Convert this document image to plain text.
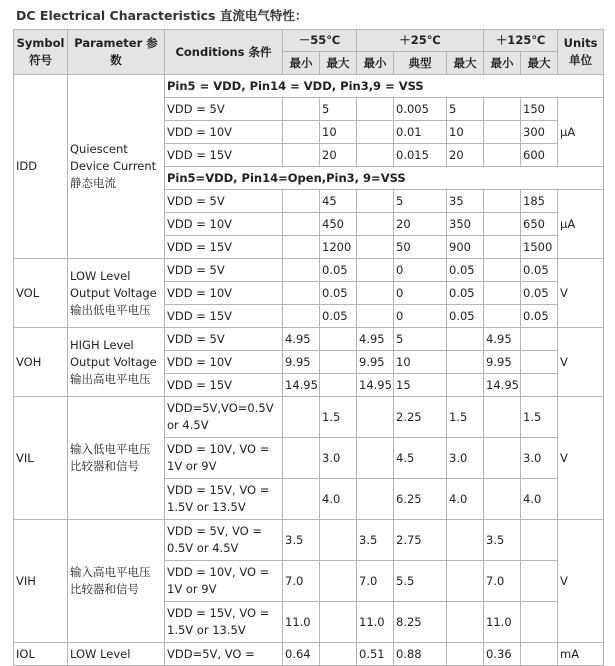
DC Electrical Characteristics 直流电气特性：
Symbol 符号	Parameter 参数	Conditions 条件	－55℃		＋25℃			＋125℃		Units 单位
			最小	最大	最小	典型	最大	最小	最大	
IDD	Quiescent Device Current 静态电流	Pin5 = VDD, Pin14 = VDD, Pin3,9 = VSS								
		VDD = 5V		5		0.005	5		150	μA
		VDD = 10V		10		0.01	10		300	
		VDD = 15V		20		0.015	20		600	
		Pin5=VDD, Pin14=Open,Pin3, 9=VSS								
		VDD = 5V		45		5	35		185	μA
		VDD = 10V		450		20	350		650	
		VDD = 15V		1200		50	900		1500	
VOL	LOW Level Output Voltage 输出低电平电压	VDD = 5V		0.05		0	0.05		0.05	V
		VDD = 10V		0.05		0	0.05		0.05	
		VDD = 15V		0.05		0	0.05		0.05	
VOH	HIGH Level Output Voltage 输出高电平电压	VDD = 5V	4.95		4.95	5		4.95		V
		VDD = 10V	9.95		9.95	10		9.95		
		VDD = 15V	14.95		14.95	15		14.95		
VIL	输入低电平电压 比较器和信号	VDD=5V,VO=0.5V or 4.5V		1.5		2.25	1.5		1.5	V
		VDD = 10V, VO = 1V or 9V		3.0		4.5	3.0		3.0	
		VDD = 15V, VO = 1.5V or 13.5V		4.0		6.25	4.0		4.0	
VIH	输入高电平电压 比较器和信号	VDD = 5V, VO = 0.5V or 4.5V	3.5		3.5	2.75		3.5		V
		VDD = 10V, VO = 1V or 9V	7.0		7.0	5.5		7.0		
		VDD = 15V, VO = 1.5V or 13.5V	11.0		11.0	8.25		11.0		
IOL	LOW Level	VDD=5V, VO =	0.64		0.51	0.88		0.36		mA
